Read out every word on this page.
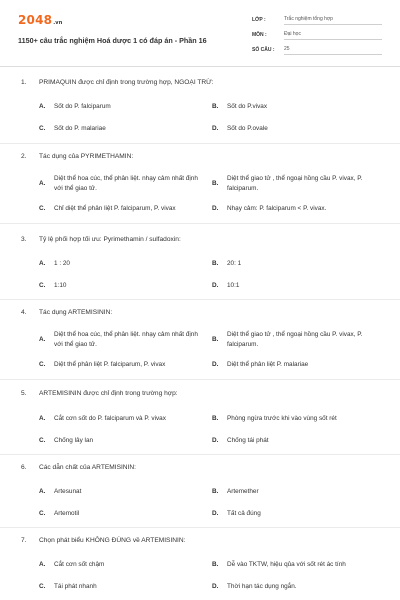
2048.vn
1150+ câu trắc nghiệm Hoá dược 1 có đáp án - Phần 16
LỚP :	Trắc nghiệm tổng hợp
MÔN :	Đại học
SỐ CÂU :	25
1. PRIMAQUIN được chỉ định trong trường hợp, NGOẠI TRỪ:
A.	Sốt do P. falciparum	B.	Sốt do P.vivax
C.	Sốt do P. malariae	D.	Sốt do P.ovale
2. Tác dụng của PYRIMETHAMIN:
A.
Diệt thể hoa cúc, thể phân liệt. nhạy cảm nhất định với thể giao tử.
B.
Diệt thể giao tử , thể ngoại hồng cầu P. vivax, P. falciparum.
C.	Chỉ diệt thể phân liệt P. falciparum, P. vivax	D.	Nhạy cảm: P. falciparum < P. vivax.
3. Tỷ lệ phối hợp tối ưu: Pyrimethamin / sulfadoxin:
A.	1 : 20	B.	20: 1
C.	1:10	D.	10:1
4. Tác dụng ARTEMISININ:
A.
Diệt thể hoa cúc, thể phân liệt. nhạy cảm nhất định với thể giao tử.
B.
Diệt thể giao tử , thể ngoại hồng cầu P. vivax, P. falciparum.
C.	Diệt thể phân liệt P. falciparum, P. vivax	D.	Diệt thể phân liệt P. malariae
5. ARTEMISININ được chỉ định trong trường hợp:
A.	Cắt cơn sốt do P. falciparum và P. vivax	B.	Phòng ngừa trước khi vào vùng sốt rét
C.	Chống lây lan	D.	Chống tái phát
6. Các dẫn chất của ARTEMISININ:
A.	Artesunat	B.	Artemether
C.	Artemotil	D.	Tất cả đúng
7. Chọn phát biểu KHÔNG ĐÚNG về ARTEMISININ:
A.	Cắt cơn sốt chậm	B.	Dễ vào TKTW, hiệu qủa với sốt rét ác tính
C.	Tái phát nhanh	D.	Thời hạn tác dụng ngắn.
